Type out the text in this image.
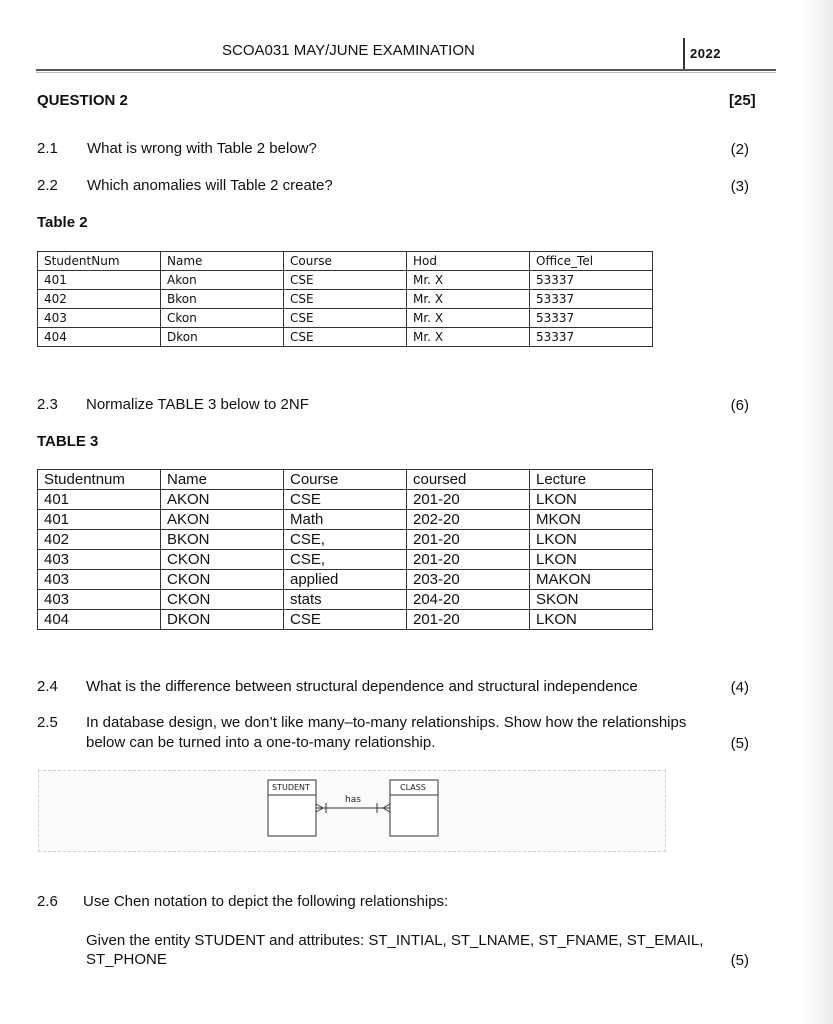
SCOA031 MAY/JUNE EXAMINATION	2022
QUESTION 2	[25]
2.1 What is wrong with Table 2 below?	(2)
2.2 Which anomalies will Table 2 create?	(3)
Table 2
StudentNum	Name	Course	Hod	Office_Tel
401	Akon	CSE	Mr. X	53337
402	Bkon	CSE	Mr. X	53337
403	Ckon	CSE	Mr. X	53337
404	Dkon	CSE	Mr. X	53337
2.3 Normalize TABLE 3 below to 2NF	(6)
TABLE 3
Studentnum	Name	Course	coursed	Lecture
401	AKON	CSE	201-20	LKON
401	AKON	Math	202-20	MKON
402	BKON	CSE,	201-20	LKON
403	CKON	CSE,	201-20	LKON
403	CKON	applied	203-20	MAKON
403	CKON	stats	204-20	SKON
404	DKON	CSE	201-20	LKON
2.4 What is the difference between structural dependence and structural independence	(4)
2.5 In database design, we don’t like many–to-many relationships. Show how the relationships
below can be turned into a one-to-many relationship.	(5)
STUDENT	CLASS
has
2.6 Use Chen notation to depict the following relationships:
Given the entity STUDENT and attributes: ST_INTIAL, ST_LNAME, ST_FNAME, ST_EMAIL,
ST_PHONE	(5)
